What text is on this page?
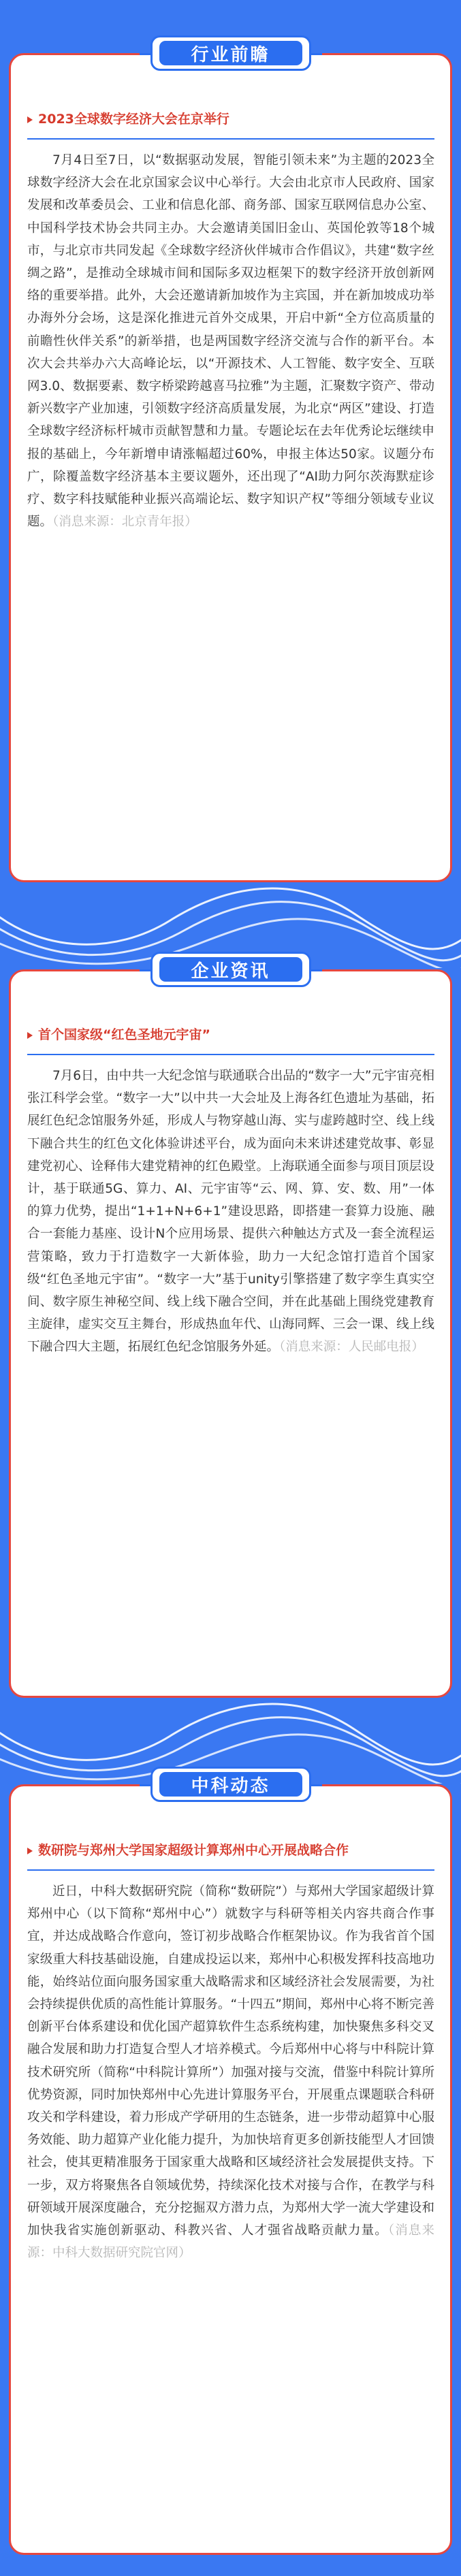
行业前瞻
2023全球数字经济大会在京举行

7月4日至7日，以“数据驱动发展，智能引领未来”为主题的2023全球数字经济大会在北京国家会议中心举行。大会由北京市人民政府、国家发展和改革委员会、工业和信息化部、商务部、国家互联网信息办公室、中国科学技术协会共同主办。大会邀请美国旧金山、英国伦敦等18个城市，与北京市共同发起《全球数字经济伙伴城市合作倡议》，共建“数字丝绸之路”，是推动全球城市间和国际多双边框架下的数字经济开放创新网络的重要举措。此外，大会还邀请新加坡作为主宾国，并在新加坡成功举办海外分会场，这是深化推进元首外交成果，开启中新“全方位高质量的前瞻性伙伴关系”的新举措，也是两国数字经济交流与合作的新平台。本次大会共举办六大高峰论坛，以“开源技术、人工智能、数字安全、互联网3.0、数据要素、数字桥梁跨越喜马拉雅”为主题，汇聚数字资产、带动新兴数字产业加速，引领数字经济高质量发展，为北京“两区”建设、打造全球数字经济标杆城市贡献智慧和力量。专题论坛在去年优秀论坛继续申报的基础上，今年新增申请涨幅超过60%，申报主体达50家。议题分布广，除覆盖数字经济基本主要议题外，还出现了“AI助力阿尔茨海默症诊疗、数字科技赋能种业振兴高端论坛、数字知识产权”等细分领域专业议题。（消息来源：北京青年报）

企业资讯
首个国家级“红色圣地元宇宙”

7月6日，由中共一大纪念馆与联通联合出品的“数字一大”元宇宙亮相张江科学会堂。“数字一大”以中共一大会址及上海各红色遗址为基础，拓展红色纪念馆服务外延，形成人与物穿越山海、实与虚跨越时空、线上线下融合共生的红色文化体验讲述平台，成为面向未来讲述建党故事、彰显建党初心、诠释伟大建党精神的红色殿堂。上海联通全面参与项目顶层设计，基于联通5G、算力、AI、元宇宙等“云、网、算、安、数、用”一体的算力优势，提出“1+1+N+6+1”建设思路，即搭建一套算力设施、融合一套能力基座、设计N个应用场景、提供六种触达方式及一套全流程运营策略，致力于打造数字一大新体验，助力一大纪念馆打造首个国家级“红色圣地元宇宙”。“数字一大”基于unity引擎搭建了数字孪生真实空间、数字原生神秘空间、线上线下融合空间，并在此基础上围绕党建教育主旋律，虚实交互主舞台，形成热血年代、山海同辉、三会一课、线上线下融合四大主题，拓展红色纪念馆服务外延。（消息来源：人民邮电报）

中科动态
数研院与郑州大学国家超级计算郑州中心开展战略合作

近日，中科大数据研究院（简称“数研院”）与郑州大学国家超级计算郑州中心（以下简称“郑州中心”）就数字与科研等相关内容共商合作事宜，并达成战略合作意向，签订初步战略合作框架协议。作为我省首个国家级重大科技基础设施，自建成投运以来，郑州中心积极发挥科技高地功能，始终站位面向服务国家重大战略需求和区域经济社会发展需要，为社会持续提供优质的高性能计算服务。“十四五”期间，郑州中心将不断完善创新平台体系建设和优化国产超算软件生态系统构建，加快聚焦多科交叉融合发展和助力打造复合型人才培养模式。今后郑州中心将与中科院计算技术研究所（简称“中科院计算所”）加强对接与交流，借鉴中科院计算所优势资源，同时加快郑州中心先进计算服务平台，开展重点课题联合科研攻关和学科建设，着力形成产学研用的生态链条，进一步带动超算中心服务效能、助力超算产业化能力提升，为加快培育更多创新技能型人才回馈社会，使其更精准服务于国家重大战略和区域经济社会发展提供支持。下一步，双方将聚焦各自领域优势，持续深化技术对接与合作，在教学与科研领域开展深度融合，充分挖掘双方潜力点，为郑州大学一流大学建设和加快我省实施创新驱动、科教兴省、人才强省战略贡献力量。（消息来源：中科大数据研究院官网）
